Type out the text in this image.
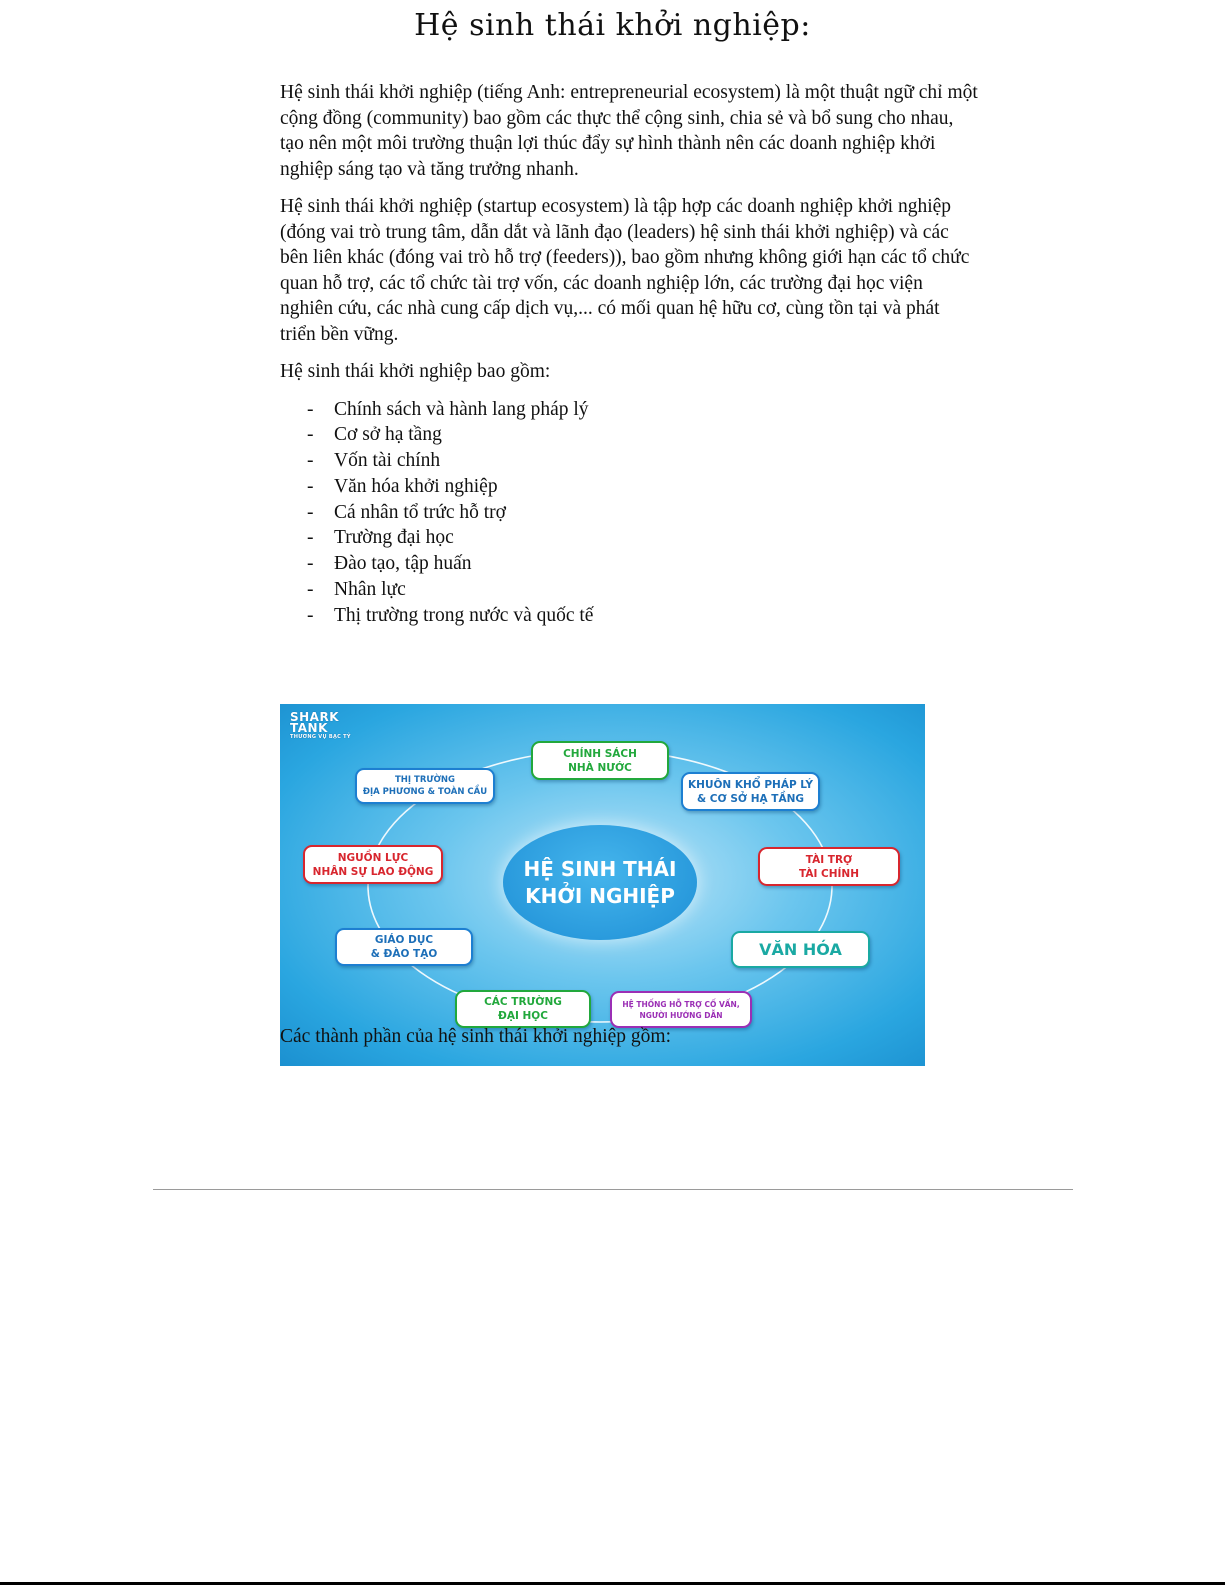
Hệ sinh thái khởi nghiệp:

Hệ sinh thái khởi nghiệp (tiếng Anh: entrepreneurial ecosystem) là một thuật ngữ chỉ một cộng đồng (community) bao gồm các thực thể cộng sinh, chia sẻ và bổ sung cho nhau, tạo nên một môi trường thuận lợi thúc đẩy sự hình thành nên các doanh nghiệp khởi nghiệp sáng tạo và tăng trưởng nhanh.

Hệ sinh thái khởi nghiệp (startup ecosystem) là tập hợp các doanh nghiệp khởi nghiệp (đóng vai trò trung tâm, dẫn dắt và lãnh đạo (leaders) hệ sinh thái khởi nghiệp) và các bên liên khác (đóng vai trò hỗ trợ (feeders)), bao gồm nhưng không giới hạn các tổ chức quan hỗ trợ, các tổ chức tài trợ vốn, các doanh nghiệp lớn, các trường đại học viện nghiên cứu, các nhà cung cấp dịch vụ,... có mối quan hệ hữu cơ, cùng tồn tại và phát triển bền vững.

Hệ sinh thái khởi nghiệp bao gồm:

-	Chính sách và hành lang pháp lý
-	Cơ sở hạ tầng
-	Vốn tài chính
-	Văn hóa khởi nghiệp
-	Cá nhân tổ trức hỗ trợ
-	Trường đại học
-	Đào tạo, tập huấn
-	Nhân lực
-	Thị trường trong nước và quốc tế
SHARK
TANK
THƯƠNG VỤ BẠC TỶ
HỆ SINH THÁI
KHỞI NGHIỆP
CHÍNH SÁCH
NHÀ NƯỚC
KHUÔN KHỔ PHÁP LÝ
& CƠ SỞ HẠ TẦNG
TÀI TRỢ
TÀI CHÍNH
VĂN HÓA
HỆ THỐNG HỖ TRỢ CỐ VẤN,
NGƯỜI HƯỚNG DẪN
CÁC TRƯỜNG
ĐẠI HỌC
GIÁO DỤC
& ĐÀO TẠO
NGUỒN LỰC
NHÂN SỰ LAO ĐỘNG
THỊ TRƯỜNG
ĐỊA PHƯƠNG & TOÀN CẦU
Các thành phần của hệ sinh thái khởi nghiệp gồm:
